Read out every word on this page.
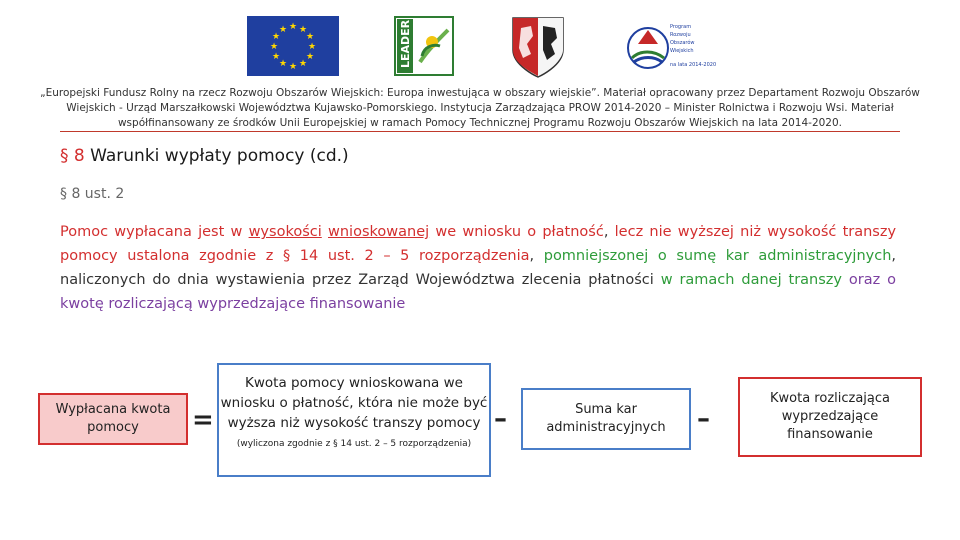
★ ★
★
★
★
★
★
★
★
★
★
★	LEADER	Program
Rozwoju
Obszarów
Wiejskich
na lata 2014-2020
„Europejski Fundusz Rolny na rzecz Rozwoju Obszarów Wiejskich: Europa inwestująca w obszary wiejskie”. Materiał opracowany przez Departament Rozwoju Obszarów Wiejskich - Urząd Marszałkowski Województwa Kujawsko-Pomorskiego. Instytucja Zarządzająca PROW 2014-2020 – Minister Rolnictwa i Rozwoju Wsi. Materiał współfinansowany ze środków Unii Europejskiej w ramach Pomocy Technicznej Programu Rozwoju Obszarów Wiejskich na lata 2014-2020.
§ 8 Warunki wypłaty pomocy (cd.)
§ 8 ust. 2
Pomoc wypłacana jest w wysokości wnioskowanej we wniosku o płatność, lecz nie wyższej niż wysokość transzy pomocy ustalona zgodnie z § 14 ust. 2 – 5 rozporządzenia, pomniejszonej o sumę kar administracyjnych, naliczonych do dnia wystawienia przez Zarząd Województwa zlecenia płatności w ramach danej transzy oraz o kwotę rozliczającą wyprzedzające finansowanie
Wypłacana kwota pomocy	=
Kwota pomocy wnioskowana we wniosku o płatność, która nie może być wyższa niż wysokość transzy pomocy
(wyliczona zgodnie z § 14 ust. 2 – 5 rozporządzenia)
–	Suma kar administracyjnych	–
Kwota rozliczająca wyprzedzające finansowanie
